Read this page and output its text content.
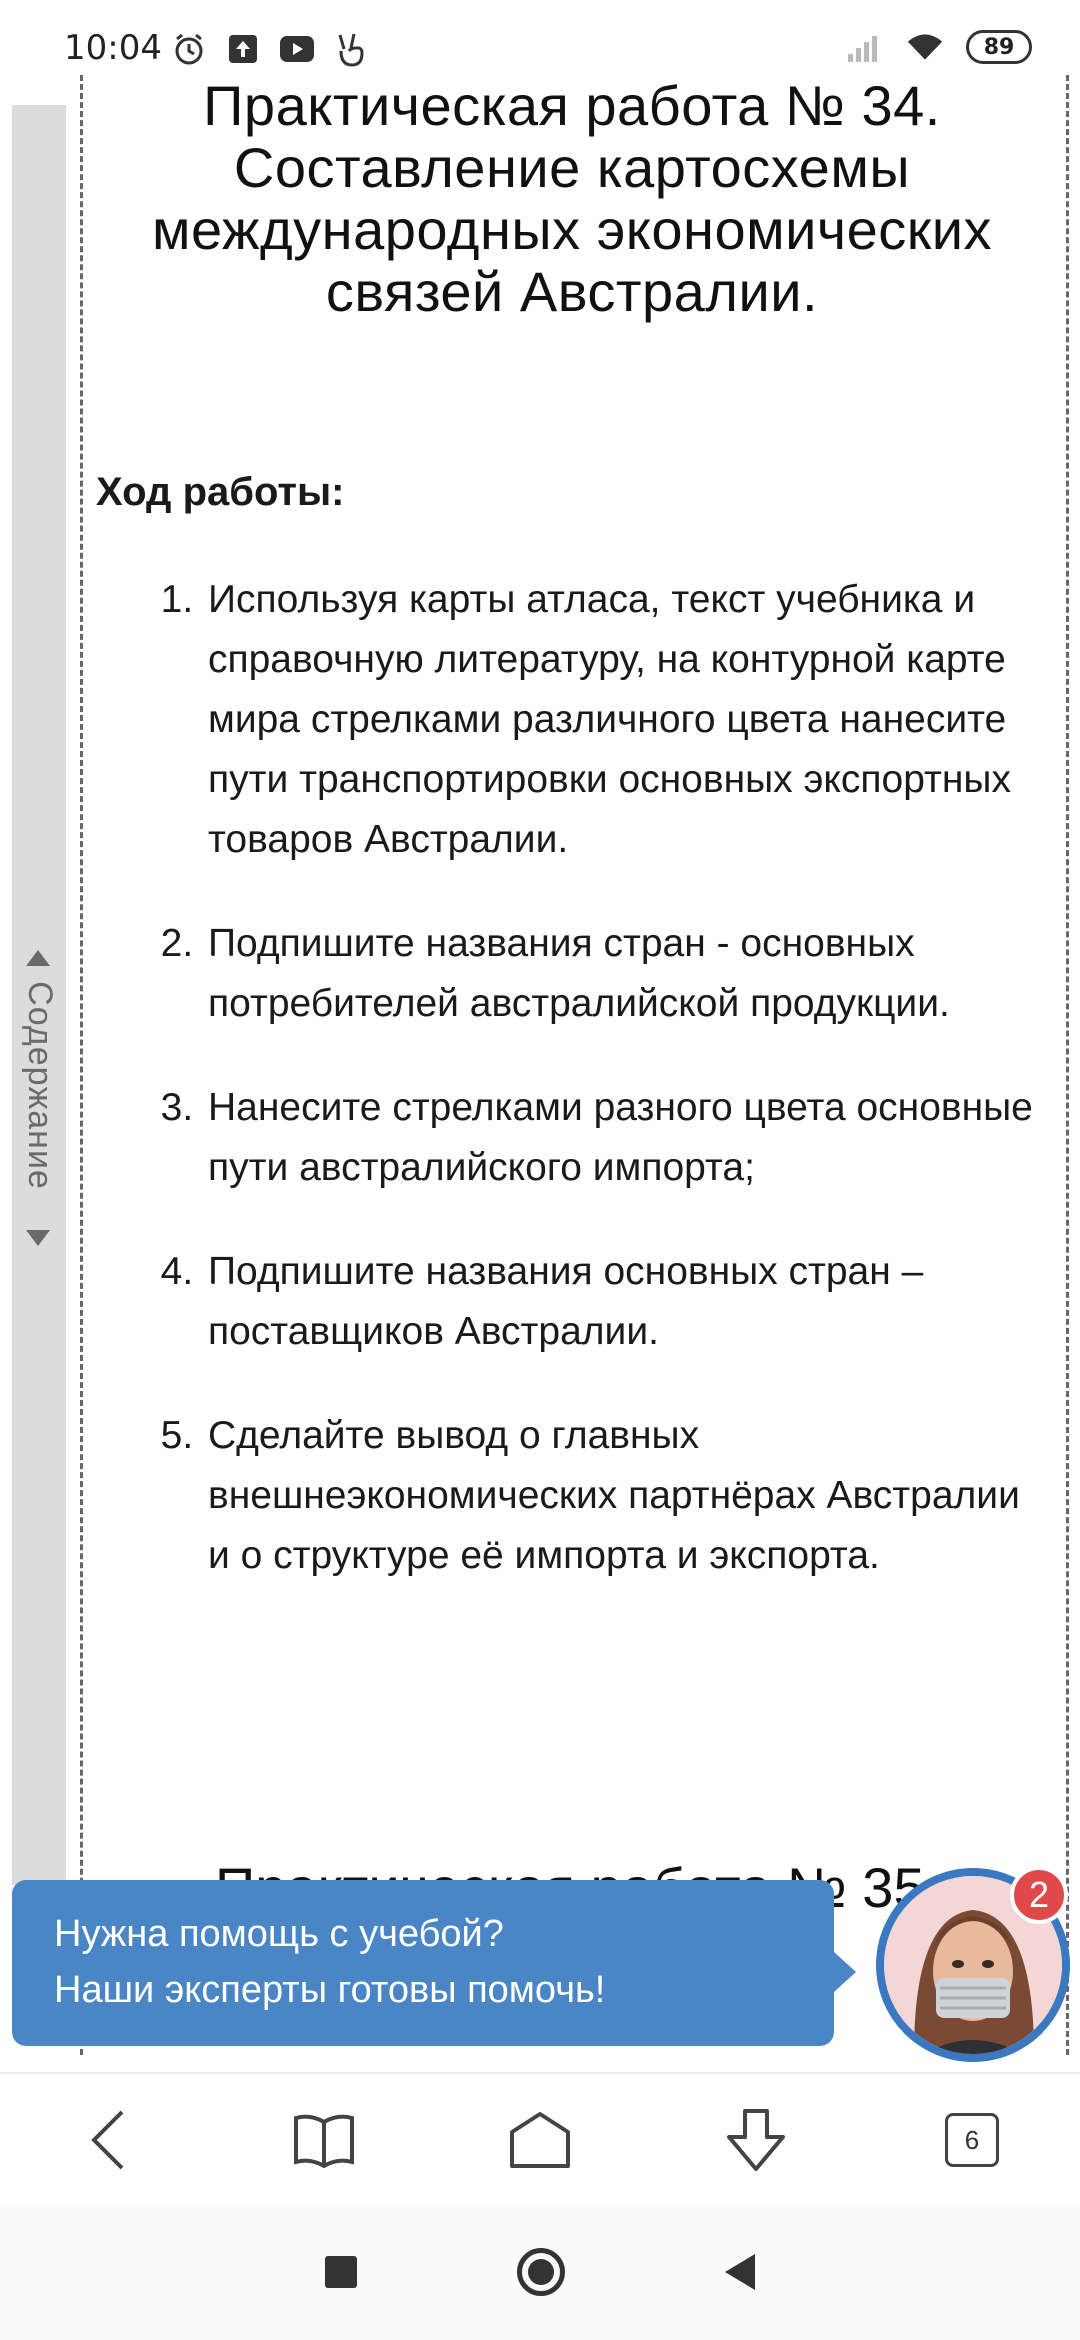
10:04	89
Содержание
Практическая работа № 34.
Составление картосхемы
международных экономических
связей Австралии.
Ход работы:
1. Используя карты атласа, текст учебника и справочную литературу, на контурной карте мира стрелками различного цвета нанесите пути транспортировки основных экспортных товаров Австралии.
2. Подпишите названия стран - основных потребителей австралийской продукции.
3. Нанесите стрелками разного цвета основные пути австралийского импорта;
4. Подпишите названия основных стран – поставщиков Австралии.
5. Сделайте вывод о главных внешнеэкономических партнёрах Австралии и о структуре её импорта и экспорта.
35.
Нужна помощь с учебой?
Наши эксперты готовы помочь!
2
6
